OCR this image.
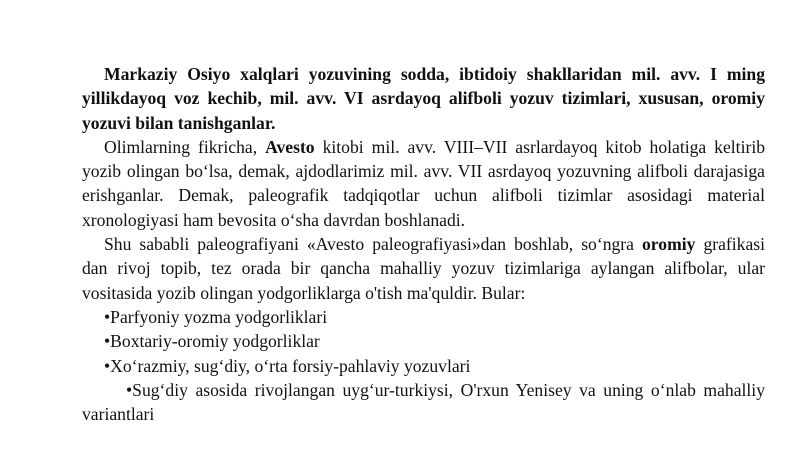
Markaziy Osiyo xalqlari yozuvining sodda, ibtidoiy shakllaridan mil. avv. I ming yillikdayoq voz kechib, mil. avv. VI asrdayoq alifboli yozuv tizimlari, xususan, oromiy yozuvi bilan tanishganlar.

Olimlarning fikricha, Avesto kitobi mil. avv. VIII–VII asrlardayoq kitob holatiga keltirib yozib olingan bo‘lsa, demak, ajdodlarimiz mil. avv. VII asrdayoq yozuvning alifboli darajasiga erishganlar. Demak, paleografik tadqiqotlar uchun alifboli tizimlar asosidagi material xronologiyasi ham bevosita o‘sha davrdan boshlanadi.

Shu sababli paleografiyani «Avesto paleografiyasi»dan boshlab, so‘ngra oromiy grafikasi dan rivoj topib, tez orada bir qancha mahalliy yozuv tizimlariga aylangan alifbolar, ular vositasida yozib olingan yodgorliklarga o'tish ma'quldir. Bular:

•Parfyoniy yozma yodgorliklari
•Boxtariy-oromiy yodgorliklar
•Xo‘razmiy, sug‘diy, o‘rta forsiy-pahlaviy yozuvlari
•Sug‘diy asosida rivojlangan uyg‘ur-turkiysi, O'rxun Yenisey va uning o‘nlab mahalliy variantlari
